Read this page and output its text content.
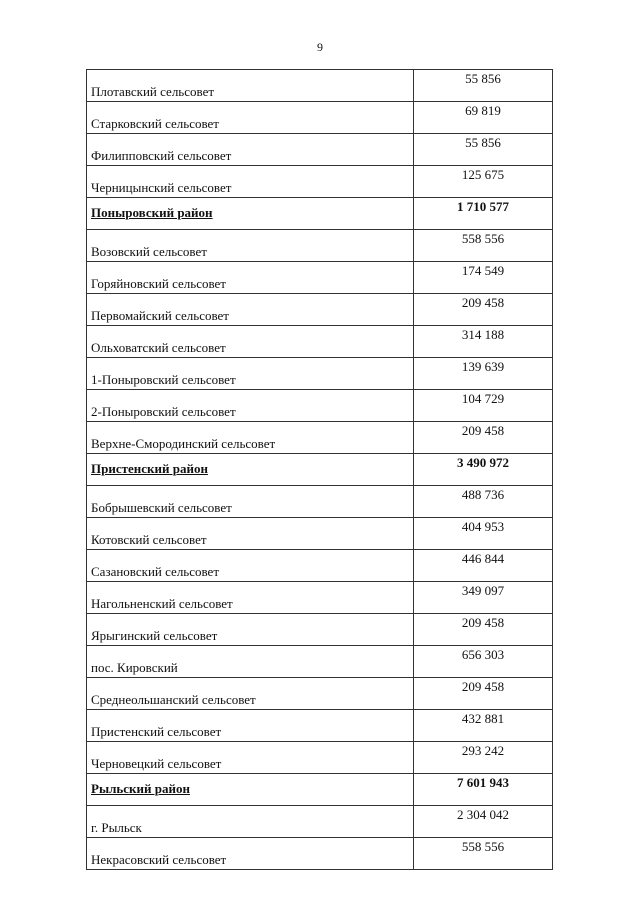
9
Плотавский сельсовет	55 856
Старковский сельсовет	69 819
Филипповский сельсовет	55 856
Черницынский сельсовет	125 675
Поныровский район	1 710 577
Возовский сельсовет	558 556
Горяйновский сельсовет	174 549
Первомайский сельсовет	209 458
Ольховатский сельсовет	314 188
1-Поныровский сельсовет	139 639
2-Поныровский сельсовет	104 729
Верхне-Смородинский сельсовет	209 458
Пристенский район	3 490 972
Бобрышевский сельсовет	488 736
Котовский сельсовет	404 953
Сазановский сельсовет	446 844
Нагольненский сельсовет	349 097
Ярыгинский сельсовет	209 458
пос. Кировский	656 303
Среднеольшанский сельсовет	209 458
Пристенский сельсовет	432 881
Черновецкий сельсовет	293 242
Рыльский район	7 601 943
г. Рыльск	2 304 042
Некрасовский сельсовет	558 556
